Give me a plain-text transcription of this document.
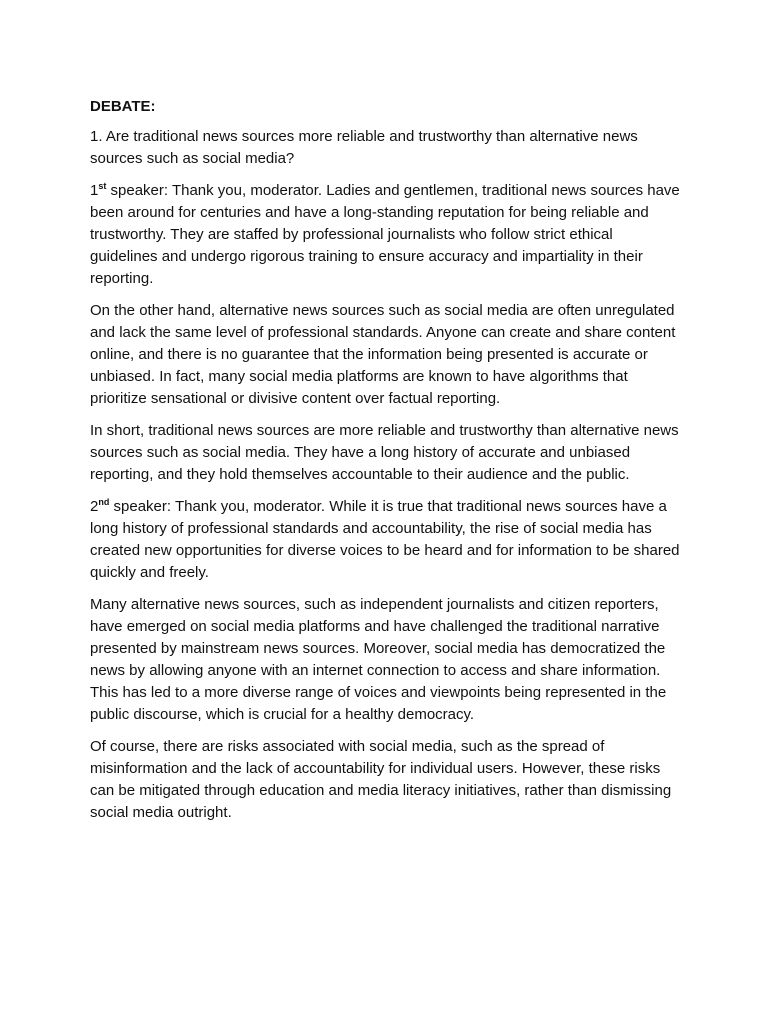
DEBATE:

1. Are traditional news sources more reliable and trustworthy than alternative news sources such as social media?

1st speaker: Thank you, moderator. Ladies and gentlemen, traditional news sources have been around for centuries and have a long-standing reputation for being reliable and trustworthy. They are staffed by professional journalists who follow strict ethical guidelines and undergo rigorous training to ensure accuracy and impartiality in their reporting.

On the other hand, alternative news sources such as social media are often unregulated and lack the same level of professional standards. Anyone can create and share content online, and there is no guarantee that the information being presented is accurate or unbiased. In fact, many social media platforms are known to have algorithms that prioritize sensational or divisive content over factual reporting.

In short, traditional news sources are more reliable and trustworthy than alternative news sources such as social media. They have a long history of accurate and unbiased reporting, and they hold themselves accountable to their audience and the public.

2nd speaker: Thank you, moderator. While it is true that traditional news sources have a long history of professional standards and accountability, the rise of social media has created new opportunities for diverse voices to be heard and for information to be shared quickly and freely.

Many alternative news sources, such as independent journalists and citizen reporters, have emerged on social media platforms and have challenged the traditional narrative presented by mainstream news sources. Moreover, social media has democratized the news by allowing anyone with an internet connection to access and share information. This has led to a more diverse range of voices and viewpoints being represented in the public discourse, which is crucial for a healthy democracy.

Of course, there are risks associated with social media, such as the spread of misinformation and the lack of accountability for individual users. However, these risks can be mitigated through education and media literacy initiatives, rather than dismissing social media outright.
